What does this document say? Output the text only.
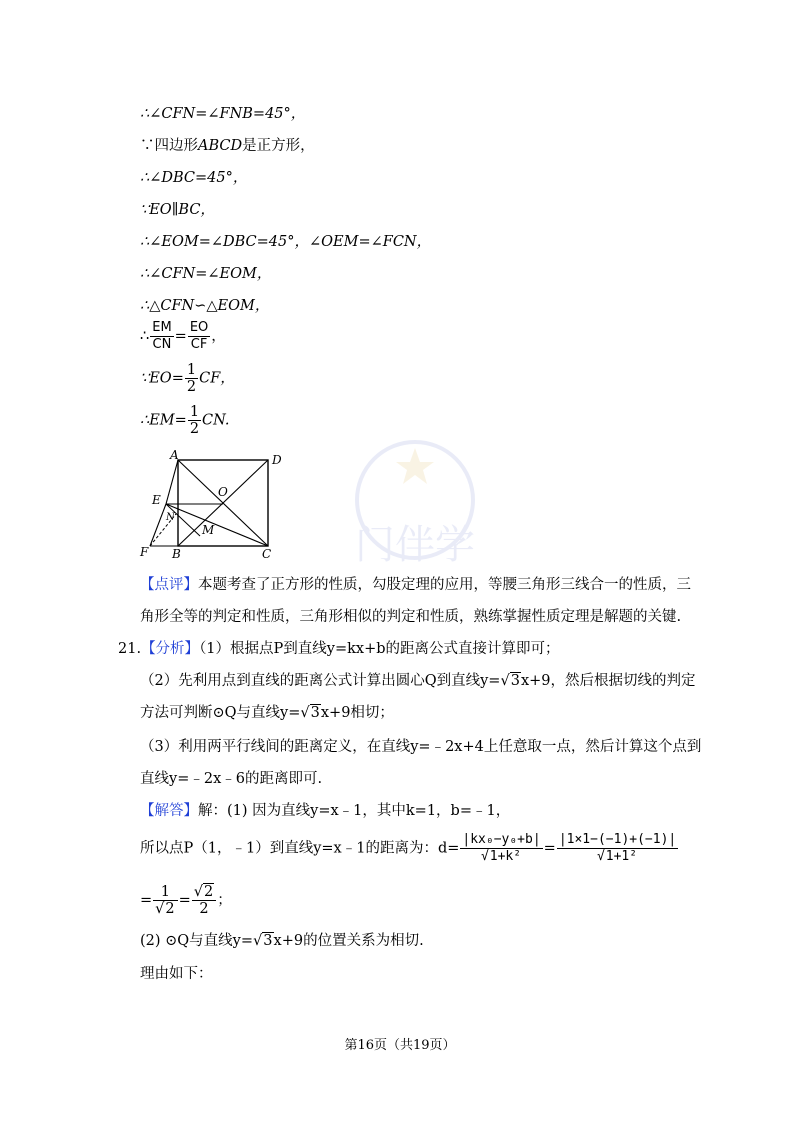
门伴学
∴∠CFN=∠FNB=45°，
∵四边形ABCD是正方形，
∴∠DBC=45°，
∵EO∥BC，
∴∠EOM=∠DBC=45°，∠OEM=∠FCN，
∴∠CFN=∠EOM，
∴△CFN∽△EOM，
∴ $\frac{EM}{CN} = \frac{EO}{CF}$ ，
∵EO= $\frac{1}{2}$ CF，
∴EM= $\frac{1}{2}$ CN.
A	D
O
E
N
M
F B	C
【点评】本题考查了正方形的性质，勾股定理的应用，等腰三角形三线合一的性质，三
角形全等的判定和性质，三角形相似的判定和性质，熟练掌握性质定理是解题的关键.
21.【分析】（1）根据点P到直线y=kx+b的距离公式直接计算即可；
（2）先利用点到直线的距离公式计算出圆心Q到直线y=√3x+9，然后根据切线的判定
方法可判断⊙Q与直线y=√3x+9相切；
（3）利用两平行线间的距离定义，在直线y=﹣2x+4上任意取一点，然后计算这个点到
直线y=﹣2x﹣6的距离即可.
【解答】解：(1) 因为直线y=x﹣1，其中k=1，b=﹣1，
所以点P（1，﹣1）到直线y=x﹣1的距离为：$d= \frac{\text{|kx₀−y₀+b|}}{\text{√1+k²}} = \frac{|1\times 1-(-1)+(-1)|}{\text{√1+1²}}$
= $\frac{1}{√2} = \frac{√2}{2}$ ；
(2) ⊙Q与直线y=√3x+9的位置关系为相切.
理由如下：
第16页（共19页）
